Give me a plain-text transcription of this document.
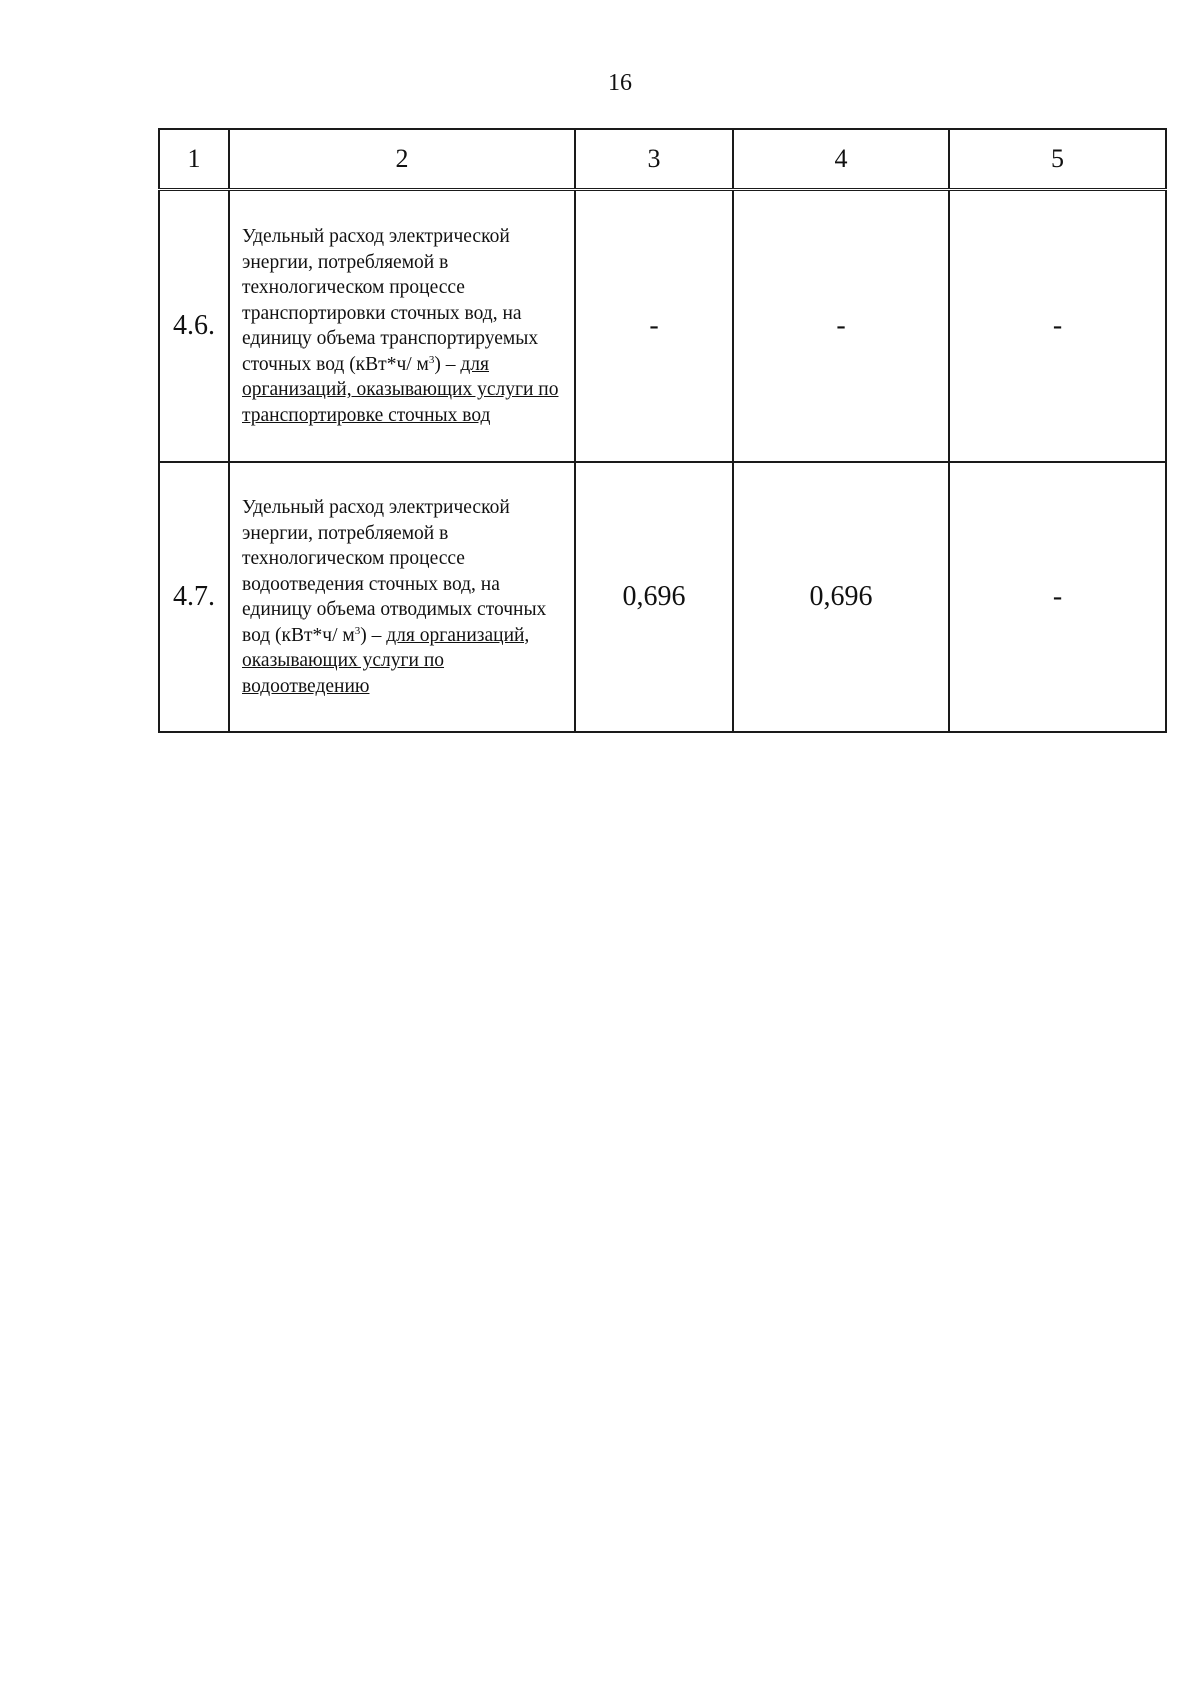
16
1	2	3	4	5
4.6.	Удельный расход электрической энергии, потребляемой в технологическом процессе транспортировки сточных вод, на единицу объема транспортируемых сточных вод (кВт*ч/ $м^3$) – для организаций, оказывающих услуги по транспортировке сточных вод	-	-	-
4.7.	Удельный расход электрической энергии, потребляемой в технологическом процессе водоотведения сточных вод, на единицу объема отводимых сточных вод (кВт*ч/ $м^3$) – для организаций, оказывающих услуги по водоотведению	0,696	0,696	-
